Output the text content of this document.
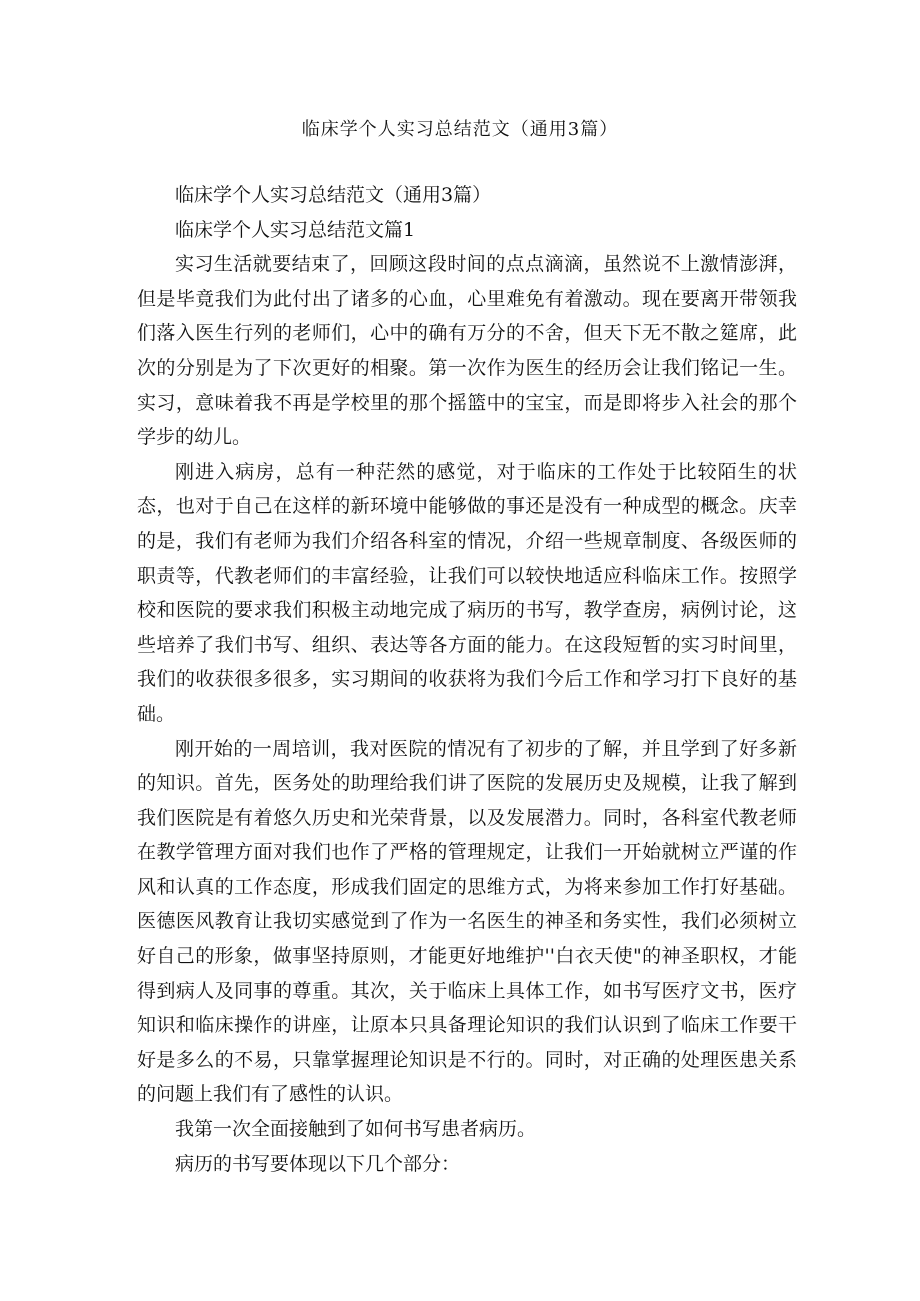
临床学个人实习总结范文（通用3篇）

临床学个人实习总结范文（通用3篇）

临床学个人实习总结范文篇1

实习生活就要结束了，回顾这段时间的点点滴滴，虽然说不上激情澎湃，但是毕竟我们为此付出了诸多的心血，心里难免有着激动。现在要离开带领我们落入医生行列的老师们，心中的确有万分的不舍，但天下无不散之筵席，此次的分别是为了下次更好的相聚。第一次作为医生的经历会让我们铭记一生。实习，意味着我不再是学校里的那个摇篮中的宝宝，而是即将步入社会的那个学步的幼儿。

刚进入病房，总有一种茫然的感觉，对于临床的工作处于比较陌生的状态，也对于自己在这样的新环境中能够做的事还是没有一种成型的概念。庆幸的是，我们有老师为我们介绍各科室的情况，介绍一些规章制度、各级医师的职责等，代教老师们的丰富经验，让我们可以较快地适应科临床工作。按照学校和医院的要求我们积极主动地完成了病历的书写，教学查房，病例讨论，这些培养了我们书写、组织、表达等各方面的能力。在这段短暂的实习时间里，我们的收获很多很多，实习期间的收获将为我们今后工作和学习打下良好的基础。

刚开始的一周培训，我对医院的情况有了初步的了解，并且学到了好多新的知识。首先，医务处的助理给我们讲了医院的发展历史及规模，让我了解到我们医院是有着悠久历史和光荣背景，以及发展潜力。同时，各科室代教老师在教学管理方面对我们也作了严格的管理规定，让我们一开始就树立严谨的作风和认真的工作态度，形成我们固定的思维方式，为将来参加工作打好基础。医德医风教育让我切实感觉到了作为一名医生的神圣和务实性，我们必须树立好自己的形象，做事坚持原则，才能更好地维护''白衣天使"的神圣职权，才能得到病人及同事的尊重。其次，关于临床上具体工作，如书写医疗文书，医疗知识和临床操作的讲座，让原本只具备理论知识的我们认识到了临床工作要干好是多么的不易，只靠掌握理论知识是不行的。同时，对正确的处理医患关系的问题上我们有了感性的认识。

我第一次全面接触到了如何书写患者病历。

病历的书写要体现以下几个部分：
